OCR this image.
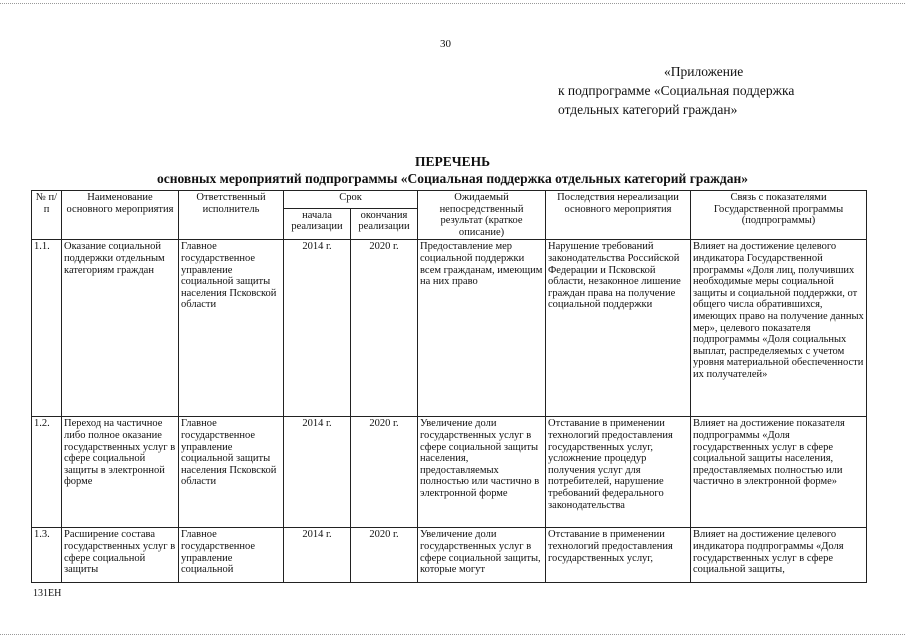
30
«Приложение
к подпрограмме «Социальная поддержка
отдельных категорий граждан»
ПЕРЕЧЕНЬ
основных мероприятий подпрограммы «Социальная поддержка отдельных категорий граждан»
№ п/п	Наименование основного мероприятия	Ответственный исполнитель	Срок		Ожидаемый непосредственный результат (краткое описание)	Последствия нереализации основного мероприятия	Связь с показателями Государственной программы (подпрограммы)
			начала реализации	окончания реализации			
1.1.	Оказание социальной поддержки отдельным категориям граждан	Главное государственное управление социальной защиты населения Псковской области	2014 г.	2020 г.	Предоставление мер социальной поддержки всем гражданам, имеющим на них право	Нарушение требований законодательства Российской Федерации и Псковской области, незаконное лишение граждан права на получение социальной поддержки	Влияет на достижение целевого индикатора Государственной программы «Доля лиц, получивших необходимые меры социальной защиты и социальной поддержки, от общего числа обратившихся, имеющих право на получение данных мер», целевого показателя подпрограммы «Доля социальных выплат, распределяемых с учетом уровня материальной обеспеченности их получателей»
1.2.	Переход на частичное либо полное оказание государственных услуг в сфере социальной защиты в электронной форме	Главное государственное управление социальной защиты населения Псковской области	2014 г.	2020 г.	Увеличение доли государственных услуг в сфере социальной защиты населения, предоставляемых полностью или частично в электронной форме	Отставание в применении технологий предоставления государственных услуг, усложнение процедур получения услуг для потребителей, нарушение требований федерального законодательства	Влияет на достижение показателя подпрограммы «Доля государственных услуг в сфере социальной защиты населения, предоставляемых полностью или частично в электронной форме»
1.3.	Расширение состава государственных услуг в сфере социальной защиты	Главное государственное управление социальной	2014 г.	2020 г.	Увеличение доли государственных услуг в сфере социальной защиты, которые могут	Отставание в применении технологий предоставления государственных услуг,	Влияет на достижение целевого индикатора подпрограммы «Доля государственных услуг в сфере социальной защиты,
131ЕН
